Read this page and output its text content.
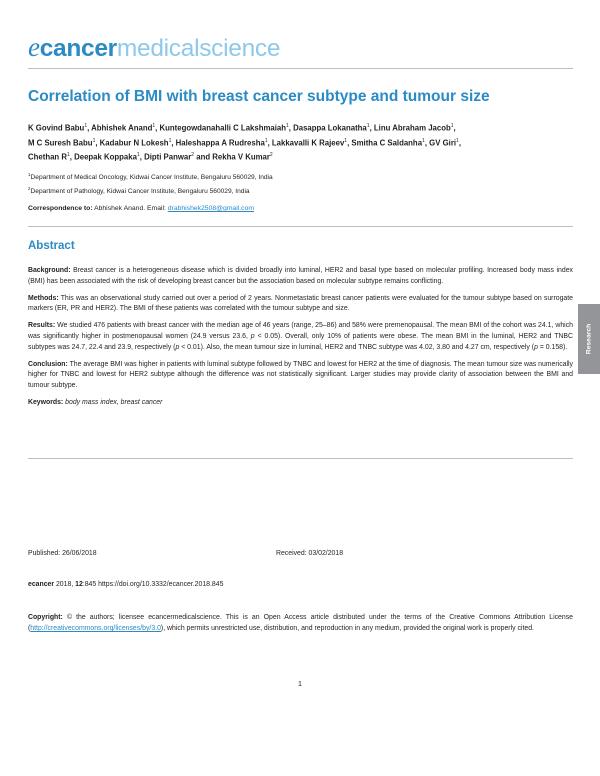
ecancermedicalscience
Correlation of BMI with breast cancer subtype and tumour size
K Govind Babu$^1$, Abhishek Anand$^1$, Kuntegowdanahalli C Lakshmaiah$^1$, Dasappa Lokanatha$^1$, Linu Abraham Jacob$^1$,
M C Suresh Babu$^1$, Kadabur N Lokesh$^1$, Haleshappa A Rudresha$^1$, Lakkavalli K Rajeev$^1$, Smitha C Saldanha$^1$, GV Giri$^1$,
Chethan $R^1$, Deepak Koppaka$^1$, Dipti Panwar$^2$ and Rekha V Kumar$^2$
$^1$Department of Medical Oncology, Kidwai Cancer Institute, Bengaluru 560029, India
$^2$Department of Pathology, Kidwai Cancer Institute, Bengaluru 560029, India
Correspondence to: Abhishek Anand. Email: drabhishek2508@gmail.com
Abstract

Background: Breast cancer is a heterogeneous disease which is divided broadly into luminal, HER2 and basal type based on molecular profiling. Increased body mass index (BMI) has been associated with the risk of developing breast cancer but the association based on molecular subtype remains conflicting.

Methods: This was an observational study carried out over a period of 2 years. Nonmetastatic breast cancer patients were evaluated for the tumour subtype based on surrogate markers (ER, PR and HER2). The BMI of these patients was correlated with the tumour subtype and size.

Results: We studied 476 patients with breast cancer with the median age of 46 years (range, 25–86) and 58% were premenopausal. The mean BMI of the cohort was 24.1, which was significantly higher in postmenopausal women (24.9 versus 23.6, p < 0.05). Overall, only 10% of patients were obese. The mean BMI in the luminal, HER2 and TNBC subtypes was 24.7, 22.4 and 23.9, respectively (p < 0.01). Also, the mean tumour size in luminal, HER2 and TNBC subtype was 4.02, 3.80 and 4.27 cm, respectively (p = 0.158).

Conclusion: The average BMI was higher in patients with luminal subtype followed by TNBC and lowest for HER2 at the time of diagnosis. The mean tumour size was numerically higher for TNBC and lowest for HER2 subtype although the difference was not statistically significant. Larger studies may provide clarity of association between the BMI and tumour subtype.

Keywords: body mass index, breast cancer

Research
Published: 26/06/2018	Received: 03/02/2018
ecancer 2018, 12:845 https://doi.org/10.3332/ecancer.2018.845
Copyright: © the authors; licensee ecancermedicalscience. This is an Open Access article distributed under the terms of the Creative Commons Attribution License (http://creativecommons.org/licenses/by/3.0), which permits unrestricted use, distribution, and reproduction in any medium, provided the original work is properly cited.
1
